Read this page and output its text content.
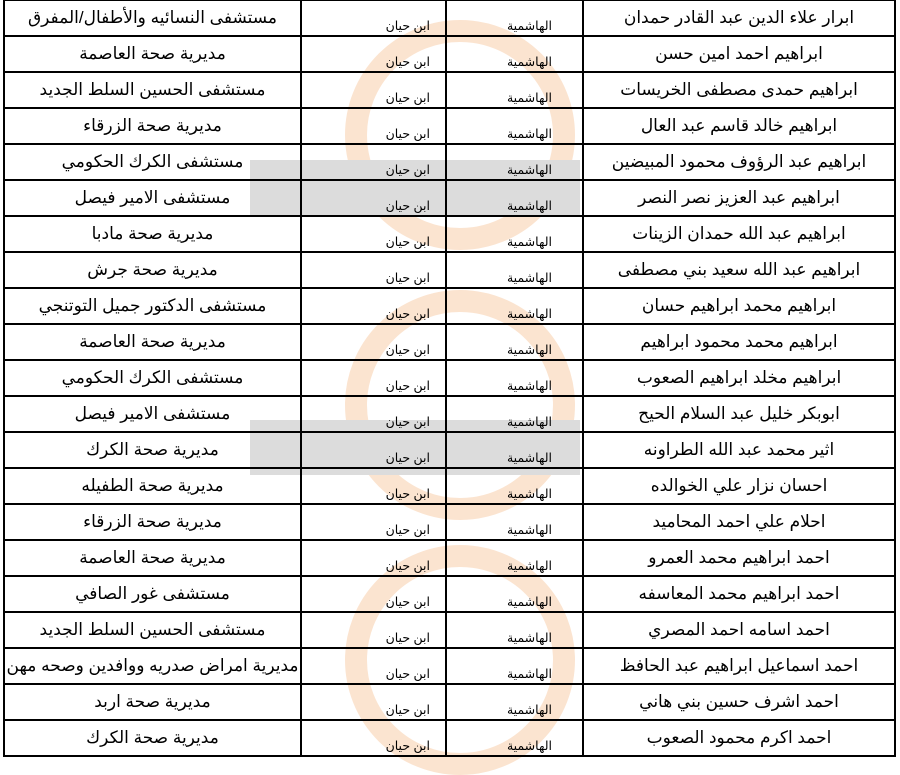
ابرار علاء الدين عبد القادر حمدان	الهاشمية	ابن حيان	مستشفى النسائيه والأطفال/المفرق
ابراهيم احمد امين حسن	الهاشمية	ابن حيان	مديرية صحة العاصمة
ابراهيم حمدى مصطفى الخريسات	الهاشمية	ابن حيان	مستشفى الحسين السلط الجديد
ابراهيم خالد قاسم عبد العال	الهاشمية	ابن حيان	مديرية صحة الزرقاء
ابراهيم عبد الرؤوف محمود المبيضين	الهاشمية	ابن حيان	مستشفى الكرك الحكومي
ابراهيم عبد العزيز نصر النصر	الهاشمية	ابن حيان	مستشفى الامير فيصل
ابراهيم عبد الله حمدان الزينات	الهاشمية	ابن حيان	مديرية صحة مادبا
ابراهيم عبد الله سعيد بني مصطفى	الهاشمية	ابن حيان	مديرية صحة جرش
ابراهيم محمد ابراهيم حسان	الهاشمية	ابن حيان	مستشفى الدكتور جميل التوتنجي
ابراهيم محمد محمود ابراهيم	الهاشمية	ابن حيان	مديرية صحة العاصمة
ابراهيم مخلد ابراهيم الصعوب	الهاشمية	ابن حيان	مستشفى الكرك الحكومي
ابوبكر خليل عبد السلام الحيح	الهاشمية	ابن حيان	مستشفى الامير فيصل
اثير محمد عبد الله الطراونه	الهاشمية	ابن حيان	مديرية صحة الكرك
احسان نزار علي الخوالده	الهاشمية	ابن حيان	مديرية صحة الطفيله
احلام علي احمد المحاميد	الهاشمية	ابن حيان	مديرية صحة الزرقاء
احمد ابراهيم محمد العمرو	الهاشمية	ابن حيان	مديرية صحة العاصمة
احمد ابراهيم محمد المعاسفه	الهاشمية	ابن حيان	مستشفى غور الصافي
احمد اسامه احمد المصري	الهاشمية	ابن حيان	مستشفى الحسين السلط الجديد
احمد اسماعيل ابراهيم عبد الحافظ	الهاشمية	ابن حيان	مديرية امراض صدريه ووافدين وصحه مهن
احمد اشرف حسين بني هاني	الهاشمية	ابن حيان	مديرية صحة اربد
احمد اكرم محمود الصعوب	الهاشمية	ابن حيان	مديرية صحة الكرك
